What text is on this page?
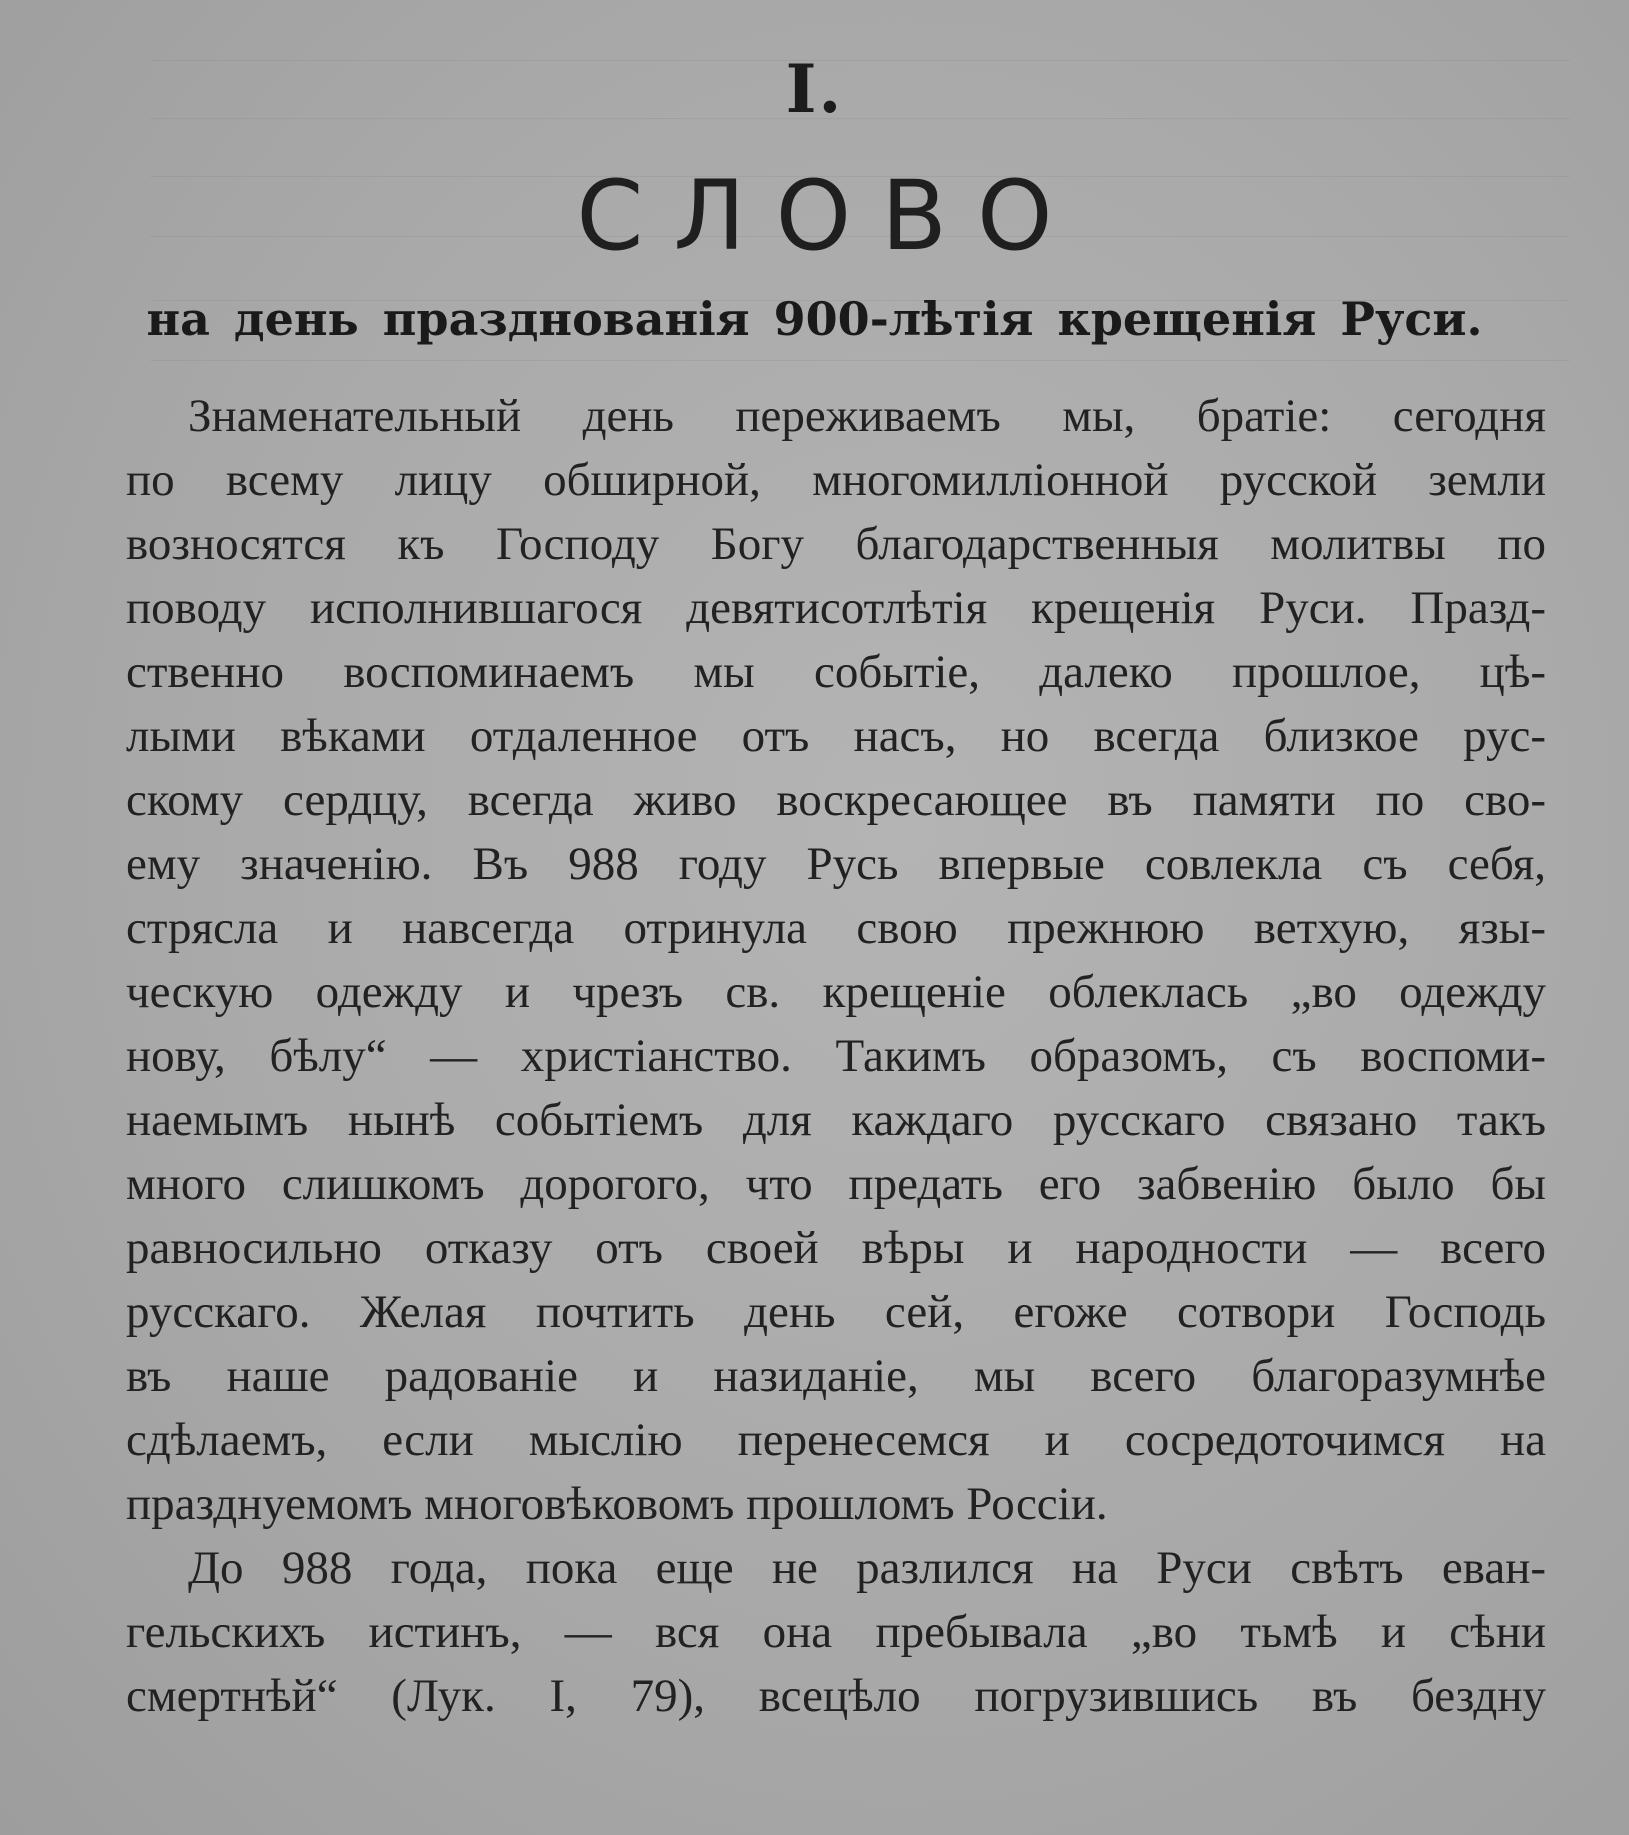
I.
СЛОВО
на день празднованія 900-лѣтія крещенія Руси.
Знаменательный день переживаемъ мы, братіе: сегодня
по всему лицу обширной, многомилліонной русской земли
возносятся къ Господу Богу благодарственныя молитвы по
поводу исполнившагося девятисотлѣтія крещенія Руси. Празд-
ственно воспоминаемъ мы событіе, далеко прошлое, цѣ-
лыми вѣками отдаленное отъ насъ, но всегда близкое рус-
скому сердцу, всегда живо воскресающее въ памяти по сво-
ему значенію. Въ 988 году Русь впервые совлекла съ себя,
стрясла и навсегда отринула свою прежнюю ветхую, язы-
ческую одежду и чрезъ св. крещеніе облеклась „во одежду
нову, бѣлу“ — христіанство. Такимъ образомъ, съ воспоми-
наемымъ нынѣ событіемъ для каждаго русскаго связано такъ
много слишкомъ дорогого, что предать его забвенію было бы
равносильно отказу отъ своей вѣры и народности — всего
русскаго. Желая почтить день сей, егоже сотвори Господь
въ наше радованіе и назиданіе, мы всего благоразумнѣе
сдѣлаемъ, если мыслію перенесемся и сосредоточимся на
празднуемомъ многовѣковомъ прошломъ Россіи.
До 988 года, пока еще не разлился на Руси свѣтъ еван-
гельскихъ истинъ, — вся она пребывала „во тьмѣ и сѣни
смертнѣй“ (Лук. I, 79), всецѣло погрузившись въ бездну
